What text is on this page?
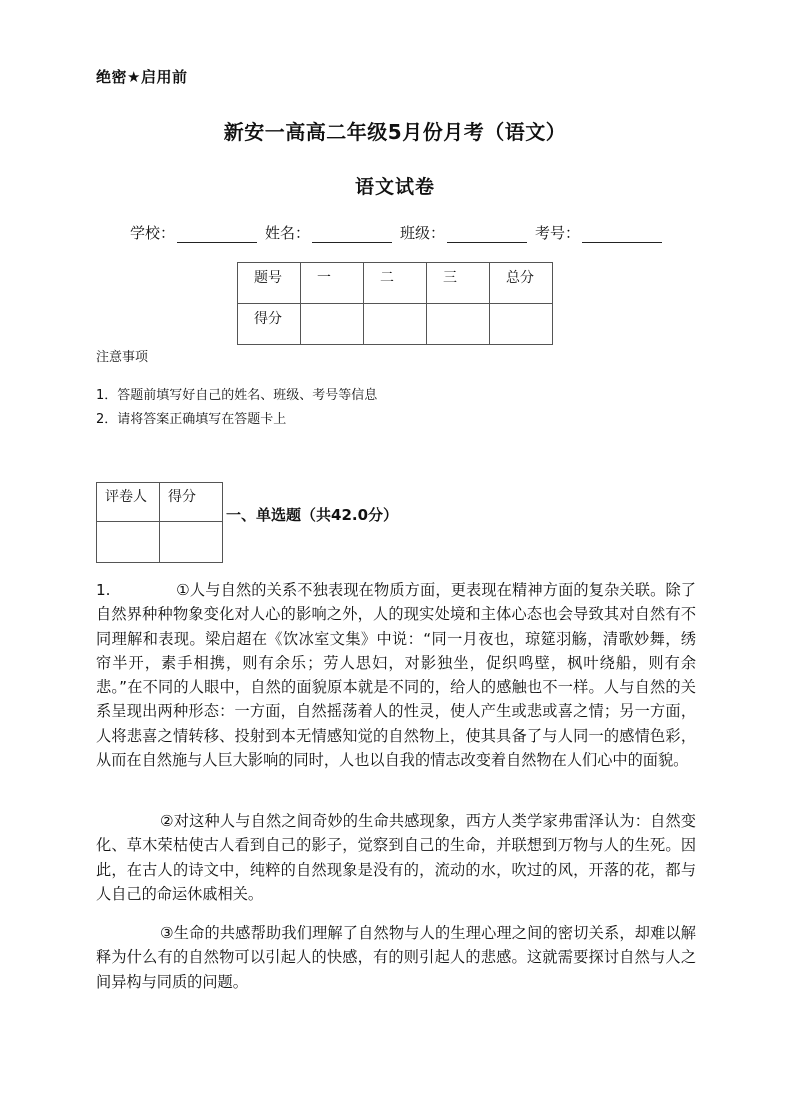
绝密★启用前
新安一高高二年级5月份月考（语文）
语文试卷
学校：	姓名：	班级：	考号：
题号	一	二	三	总分

得分				

注意事项
1．答题前填写好自己的姓名、班级、考号等信息
2．请将答案正确填写在答题卡上
评卷人	得分

一、单选题（共42.0分）
1.	①人与自然的关系不独表现在物质方面，更表现在精神方面的复杂关联。除了自然界种种物象变化对人心的影响之外，人的现实处境和主体心态也会导致其对自然有不同理解和表现。梁启超在《饮冰室文集》中说：“同一月夜也，琼筵羽觞，清歌妙舞，绣帘半开，素手相携，则有余乐；劳人思妇，对影独坐，促织鸣壁，枫叶绕船，则有余悲。”在不同的人眼中，自然的面貌原本就是不同的，给人的感触也不一样。人与自然的关系呈现出两种形态：一方面，自然摇荡着人的性灵，使人产生或悲或喜之情；另一方面，人将悲喜之情转移、投射到本无情感知觉的自然物上，使其具备了与人同一的感情色彩，从而在自然施与人巨大影响的同时，人也以自我的情志改变着自然物在人们心中的面貌。
②对这种人与自然之间奇妙的生命共感现象，西方人类学家弗雷泽认为：自然变化、草木荣枯使古人看到自己的影子，觉察到自己的生命，并联想到万物与人的生死。因此，在古人的诗文中，纯粹的自然现象是没有的，流动的水，吹过的风，开落的花，都与人自己的命运休戚相关。
③生命的共感帮助我们理解了自然物与人的生理心理之间的密切关系，却难以解释为什么有的自然物可以引起人的快感，有的则引起人的悲感。这就需要探讨自然与人之间异构与同质的问题。
